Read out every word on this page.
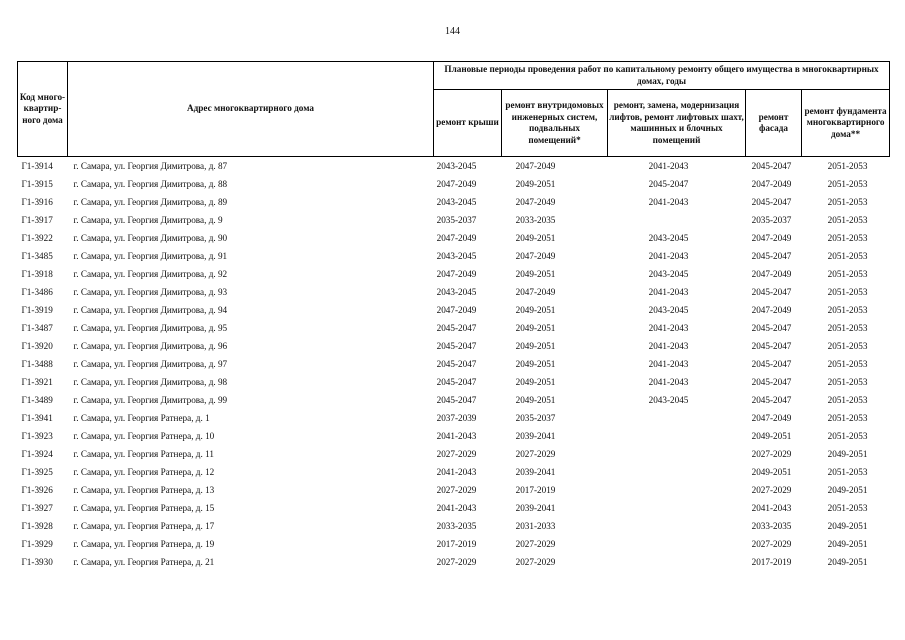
144
Код много-квартир-ного дома	Адрес многоквартирного дома	Плановые периоды проведения работ по капитальному ремонту общего имущества в многоквартирных домах, годы				
		ремонт крыши	ремонт внутридомовых инженерных систем, подвальных помещений*	ремонт, замена, модернизация лифтов, ремонт лифтовых шахт, машинных и блочных помещений	ремонт фасада	ремонт фундамента многоквартирного дома**
Г1-3914	г. Самара, ул. Георгия Димитрова, д. 87	2043-2045	2047-2049	2041-2043	2045-2047	2051-2053
Г1-3915	г. Самара, ул. Георгия Димитрова, д. 88	2047-2049	2049-2051	2045-2047	2047-2049	2051-2053
Г1-3916	г. Самара, ул. Георгия Димитрова, д. 89	2043-2045	2047-2049	2041-2043	2045-2047	2051-2053
Г1-3917	г. Самара, ул. Георгия Димитрова, д. 9	2035-2037	2033-2035		2035-2037	2051-2053
Г1-3922	г. Самара, ул. Георгия Димитрова, д. 90	2047-2049	2049-2051	2043-2045	2047-2049	2051-2053
Г1-3485	г. Самара, ул. Георгия Димитрова, д. 91	2043-2045	2047-2049	2041-2043	2045-2047	2051-2053
Г1-3918	г. Самара, ул. Георгия Димитрова, д. 92	2047-2049	2049-2051	2043-2045	2047-2049	2051-2053
Г1-3486	г. Самара, ул. Георгия Димитрова, д. 93	2043-2045	2047-2049	2041-2043	2045-2047	2051-2053
Г1-3919	г. Самара, ул. Георгия Димитрова, д. 94	2047-2049	2049-2051	2043-2045	2047-2049	2051-2053
Г1-3487	г. Самара, ул. Георгия Димитрова, д. 95	2045-2047	2049-2051	2041-2043	2045-2047	2051-2053
Г1-3920	г. Самара, ул. Георгия Димитрова, д. 96	2045-2047	2049-2051	2041-2043	2045-2047	2051-2053
Г1-3488	г. Самара, ул. Георгия Димитрова, д. 97	2045-2047	2049-2051	2041-2043	2045-2047	2051-2053
Г1-3921	г. Самара, ул. Георгия Димитрова, д. 98	2045-2047	2049-2051	2041-2043	2045-2047	2051-2053
Г1-3489	г. Самара, ул. Георгия Димитрова, д. 99	2045-2047	2049-2051	2043-2045	2045-2047	2051-2053
Г1-3941	г. Самара, ул. Георгия Ратнера, д. 1	2037-2039	2035-2037		2047-2049	2051-2053
Г1-3923	г. Самара, ул. Георгия Ратнера, д. 10	2041-2043	2039-2041		2049-2051	2051-2053
Г1-3924	г. Самара, ул. Георгия Ратнера, д. 11	2027-2029	2027-2029		2027-2029	2049-2051
Г1-3925	г. Самара, ул. Георгия Ратнера, д. 12	2041-2043	2039-2041		2049-2051	2051-2053
Г1-3926	г. Самара, ул. Георгия Ратнера, д. 13	2027-2029	2017-2019		2027-2029	2049-2051
Г1-3927	г. Самара, ул. Георгия Ратнера, д. 15	2041-2043	2039-2041		2041-2043	2051-2053
Г1-3928	г. Самара, ул. Георгия Ратнера, д. 17	2033-2035	2031-2033		2033-2035	2049-2051
Г1-3929	г. Самара, ул. Георгия Ратнера, д. 19	2017-2019	2027-2029		2027-2029	2049-2051
Г1-3930	г. Самара, ул. Георгия Ратнера, д. 21	2027-2029	2027-2029		2017-2019	2049-2051
